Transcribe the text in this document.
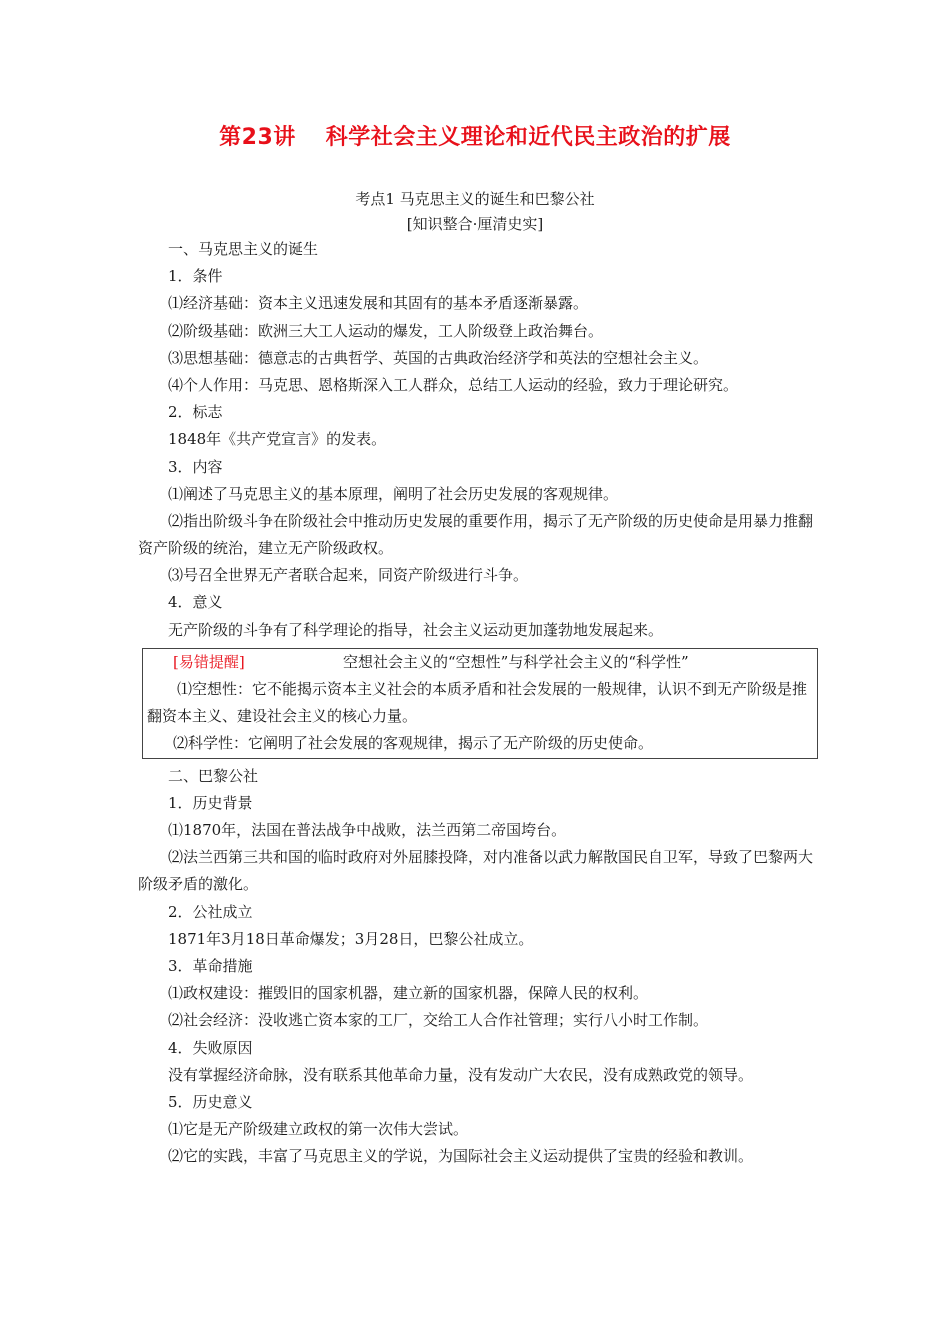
第23讲 科学社会主义理论和近代民主政治的扩展
考点1 马克思主义的诞生和巴黎公社
[知识整合·厘清史实]
一、马克思主义的诞生
1．条件
⑴经济基础：资本主义迅速发展和其固有的基本矛盾逐渐暴露。
⑵阶级基础：欧洲三大工人运动的爆发，工人阶级登上政治舞台。
⑶思想基础：德意志的古典哲学、英国的古典政治经济学和英法的空想社会主义。
⑷个人作用：马克思、恩格斯深入工人群众，总结工人运动的经验，致力于理论研究。
2．标志
1848年《共产党宣言》的发表。
3．内容
⑴阐述了马克思主义的基本原理，阐明了社会历史发展的客观规律。
⑵指出阶级斗争在阶级社会中推动历史发展的重要作用，揭示了无产阶级的历史使命是用暴力推翻资产阶级的统治，建立无产阶级政权。
⑶号召全世界无产者联合起来，同资产阶级进行斗争。
4．意义
无产阶级的斗争有了科学理论的指导，社会主义运动更加蓬勃地发展起来。
[易错提醒]	空想社会主义的“空想性”与科学社会主义的“科学性”
⑴空想性：它不能揭示资本主义社会的本质矛盾和社会发展的一般规律，认识不到无产阶级是推翻资本主义、建设社会主义的核心力量。
⑵科学性：它阐明了社会发展的客观规律，揭示了无产阶级的历史使命。
二、巴黎公社
1．历史背景
⑴1870年，法国在普法战争中战败，法兰西第二帝国垮台。
⑵法兰西第三共和国的临时政府对外屈膝投降，对内准备以武力解散国民自卫军，导致了巴黎两大阶级矛盾的激化。
2．公社成立
1871年3月18日革命爆发；3月28日，巴黎公社成立。
3．革命措施
⑴政权建设：摧毁旧的国家机器，建立新的国家机器，保障人民的权利。
⑵社会经济：没收逃亡资本家的工厂，交给工人合作社管理；实行八小时工作制。
4．失败原因
没有掌握经济命脉，没有联系其他革命力量，没有发动广大农民，没有成熟政党的领导。
5．历史意义
⑴它是无产阶级建立政权的第一次伟大尝试。
⑵它的实践，丰富了马克思主义的学说，为国际社会主义运动提供了宝贵的经验和教训。
